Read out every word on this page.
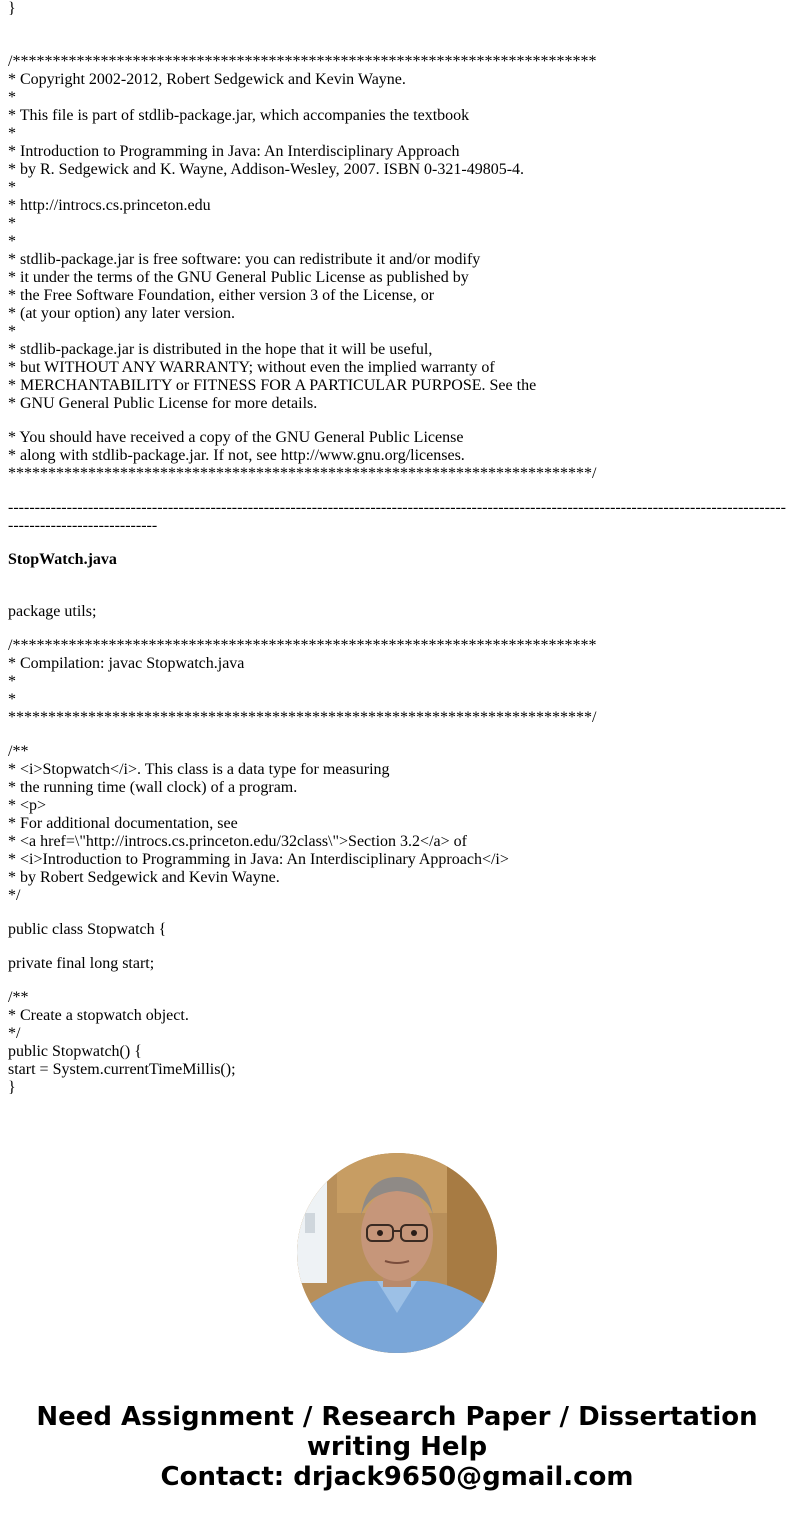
}
/*************************************************************************
* Copyright 2002-2012, Robert Sedgewick and Kevin Wayne.
*
* This file is part of stdlib-package.jar, which accompanies the textbook
*
* Introduction to Programming in Java: An Interdisciplinary Approach
* by R. Sedgewick and K. Wayne, Addison-Wesley, 2007. ISBN 0-321-49805-4.
*
* http://introcs.cs.princeton.edu
*
*
* stdlib-package.jar is free software: you can redistribute it and/or modify
* it under the terms of the GNU General Public License as published by
* the Free Software Foundation, either version 3 of the License, or
* (at your option) any later version.
*
* stdlib-package.jar is distributed in the hope that it will be useful,
* but WITHOUT ANY WARRANTY; without even the implied warranty of
* MERCHANTABILITY or FITNESS FOR A PARTICULAR PURPOSE. See the
* GNU General Public License for more details.
* You should have received a copy of the GNU General Public License
* along with stdlib-package.jar. If not, see http://www.gnu.org/licenses.
*************************************************************************/
------------------------------------------------------------------------------------------------------------------------------------------------------------------------------
StopWatch.java
package utils;
/*************************************************************************
* Compilation: javac Stopwatch.java
*
*
*************************************************************************/
/**
* <i>Stopwatch</i>. This class is a data type for measuring
* the running time (wall clock) of a program.
* <p>
* For additional documentation, see
* <a href=\"http://introcs.cs.princeton.edu/32class\">Section 3.2</a> of
* <i>Introduction to Programming in Java: An Interdisciplinary Approach</i>
* by Robert Sedgewick and Kevin Wayne.
*/
public class Stopwatch {
private final long start;
/**
* Create a stopwatch object.
*/
public Stopwatch() {
start = System.currentTimeMillis();
}
Need Assignment / Research Paper / Dissertation
writing Help
Contact: drjack9650@gmail.com
